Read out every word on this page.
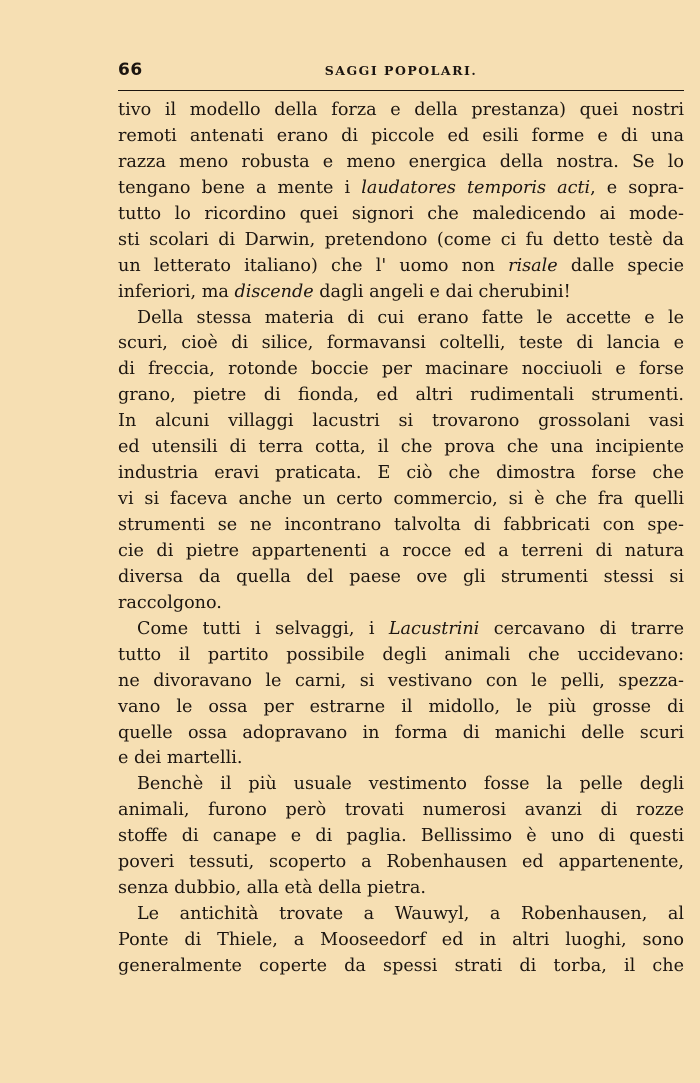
66	SAGGI POPOLARI.
tivo il modello della forza e della prestanza) quei nostri
remoti antenati erano di piccole ed esili forme e di una
razza meno robusta e meno energica della nostra. Se lo
tengano bene a mente i laudatores temporis acti, e sopra-
tutto lo ricordino quei signori che maledicendo ai mode-
sti scolari di Darwin, pretendono (come ci fu detto testè da
un letterato italiano) che l' uomo non risale dalle specie
inferiori, ma discende dagli angeli e dai cherubini!
Della stessa materia di cui erano fatte le accette e le
scuri, cioè di silice, formavansi coltelli, teste di lancia e
di freccia, rotonde boccie per macinare nocciuoli e forse
grano, pietre di fionda, ed altri rudimentali strumenti.
In alcuni villaggi lacustri si trovarono grossolani vasi
ed utensili di terra cotta, il che prova che una incipiente
industria eravi praticata. E ciò che dimostra forse che
vi si faceva anche un certo commercio, si è che fra quelli
strumenti se ne incontrano talvolta di fabbricati con spe-
cie di pietre appartenenti a rocce ed a terreni di natura
diversa da quella del paese ove gli strumenti stessi si
raccolgono.
Come tutti i selvaggi, i Lacustrini cercavano di trarre
tutto il partito possibile degli animali che uccidevano:
ne divoravano le carni, si vestivano con le pelli, spezza-
vano le ossa per estrarne il midollo, le più grosse di
quelle ossa adopravano in forma di manichi delle scuri
e dei martelli.
Benchè il più usuale vestimento fosse la pelle degli
animali, furono però trovati numerosi avanzi di rozze
stoffe di canape e di paglia. Bellissimo è uno di questi
poveri tessuti, scoperto a Robenhausen ed appartenente,
senza dubbio, alla età della pietra.
Le antichità trovate a Wauwyl, a Robenhausen, al
Ponte di Thiele, a Mooseedorf ed in altri luoghi, sono
generalmente coperte da spessi strati di torba, il che
